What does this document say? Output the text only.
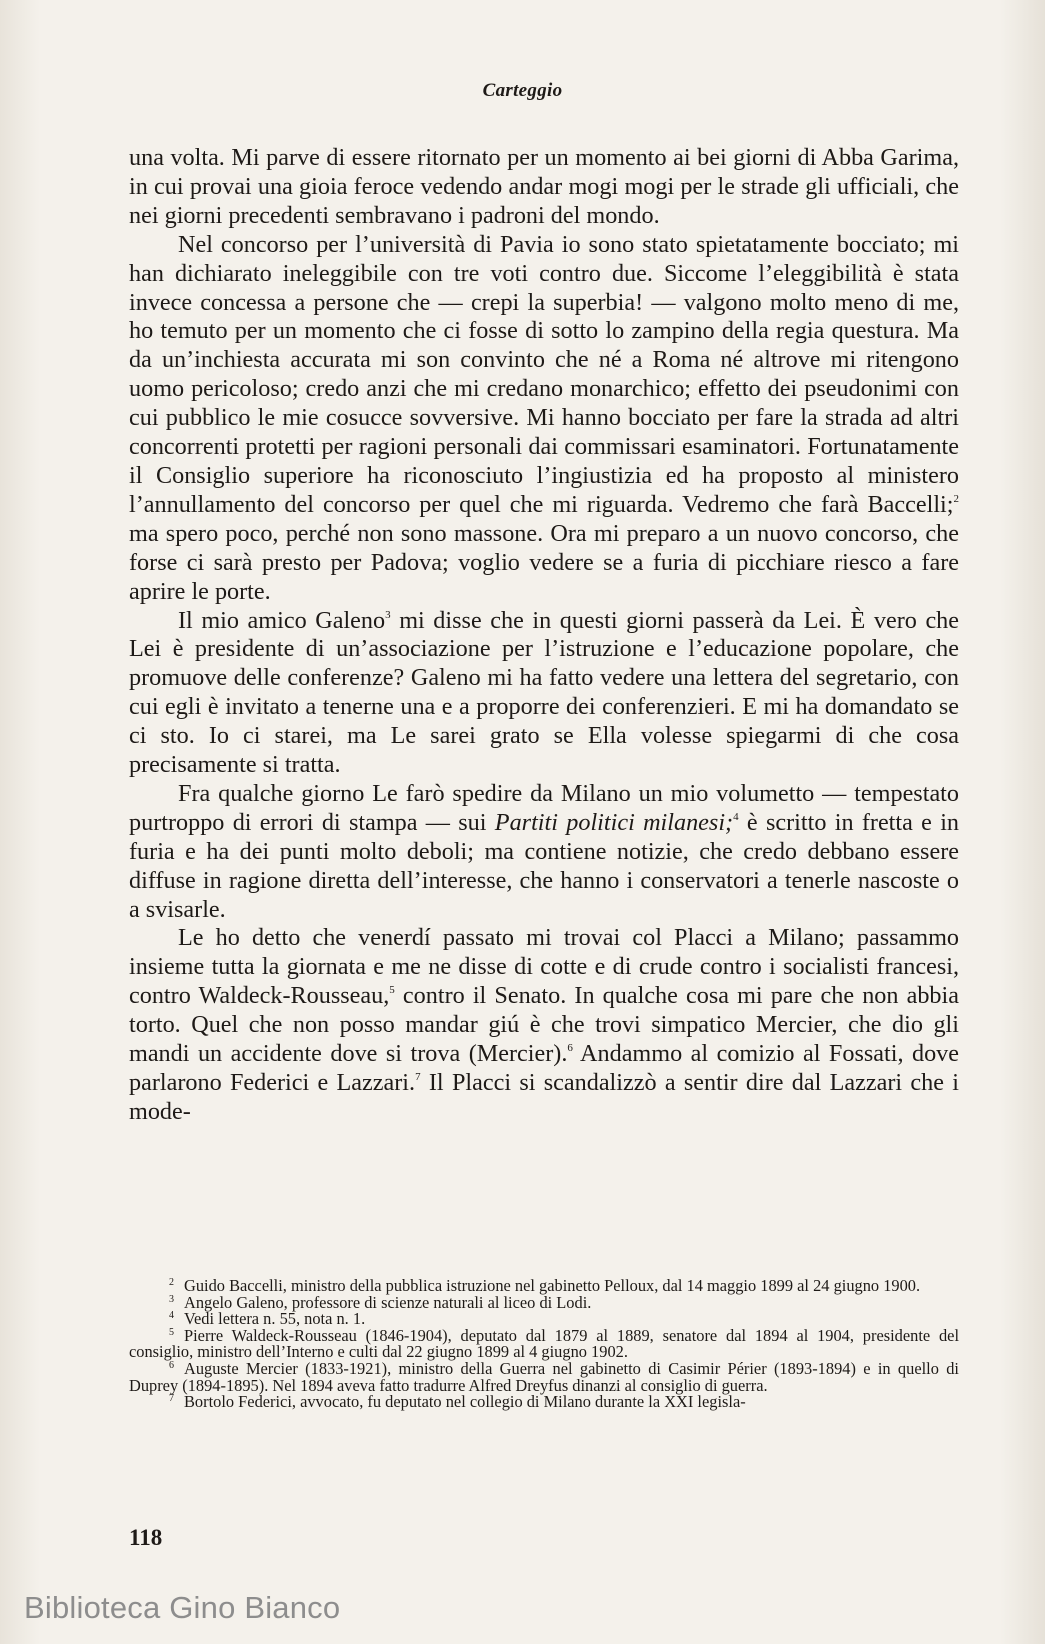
Carteggio

una volta. Mi parve di essere ritornato per un momento ai bei giorni di Abba Garima, in cui provai una gioia feroce vedendo andar mogi mogi per le strade gli ufficiali, che nei giorni precedenti sembravano i padroni del mondo.

Nel concorso per l’università di Pavia io sono stato spietatamente bocciato; mi han dichiarato ineleggibile con tre voti contro due. Siccome l’eleggibilità è stata invece concessa a persone che — crepi la superbia! — valgono molto meno di me, ho temuto per un momento che ci fosse di sotto lo zampino della regia questura. Ma da un’inchiesta accurata mi son convinto che né a Roma né altrove mi ritengono uomo pericoloso; credo anzi che mi credano monarchico; effetto dei pseudonimi con cui pubblico le mie cosucce sovversive. Mi hanno bocciato per fare la strada ad altri concorrenti protetti per ragioni personali dai commissari esaminatori. Fortunatamente il Consiglio superiore ha riconosciuto l’ingiustizia ed ha proposto al ministero l’annullamento del concorso per quel che mi riguarda. Vedremo che farà Baccelli;$^2$ ma spero poco, perché non sono massone. Ora mi preparo a un nuovo concorso, che forse ci sarà presto per Padova; voglio vedere se a furia di picchiare riesco a fare aprire le porte.

Il mio amico Galeno$^3$ mi disse che in questi giorni passerà da Lei. È vero che Lei è presidente di un’associazione per l’istruzione e l’educazione popolare, che promuove delle conferenze? Galeno mi ha fatto vedere una lettera del segretario, con cui egli è invitato a tenerne una e a proporre dei conferenzieri. E mi ha domandato se ci sto. Io ci starei, ma Le sarei grato se Ella volesse spiegarmi di che cosa precisamente si tratta.

Fra qualche giorno Le farò spedire da Milano un mio volumetto — tempestato purtroppo di errori di stampa — sui Partiti politici milanesi;$^4$ è scritto in fretta e in furia e ha dei punti molto deboli; ma contiene notizie, che credo debbano essere diffuse in ragione diretta dell’interesse, che hanno i conservatori a tenerle nascoste o a svisarle.

Le ho detto che venerdí passato mi trovai col Placci a Milano; passammo insieme tutta la giornata e me ne disse di cotte e di crude contro i socialisti francesi, contro Waldeck-Rousseau,$^5$ contro il Senato. In qualche cosa mi pare che non abbia torto. Quel che non posso mandar giú è che trovi simpatico Mercier, che dio gli mandi un accidente dove si trova (Mercier).$^6$ Andammo al comizio al Fossati, dove parlarono Federici e Lazzari.$^7$ Il Placci si scandalizzò a sentir dire dal Lazzari che i mode-

$^2$ Guido Baccelli, ministro della pubblica istruzione nel gabinetto Pelloux, dal 14 maggio 1899 al 24 giugno 1900.

$^3$ Angelo Galeno, professore di scienze naturali al liceo di Lodi.

$^4$ Vedi lettera n. 55, nota n. 1.

$^5$ Pierre Waldeck-Rousseau (1846-1904), deputato dal 1879 al 1889, senatore dal 1894 al 1904, presidente del consiglio, ministro dell’Interno e culti dal 22 giugno 1899 al 4 giugno 1902.

$^6$ Auguste Mercier (1833-1921), ministro della Guerra nel gabinetto di Casimir Périer (1893-1894) e in quello di Duprey (1894-1895). Nel 1894 aveva fatto tradurre Alfred Dreyfus dinanzi al consiglio di guerra.

$^7$ Bortolo Federici, avvocato, fu deputato nel collegio di Milano durante la XXI legisla-

118
Biblioteca Gino Bianco
